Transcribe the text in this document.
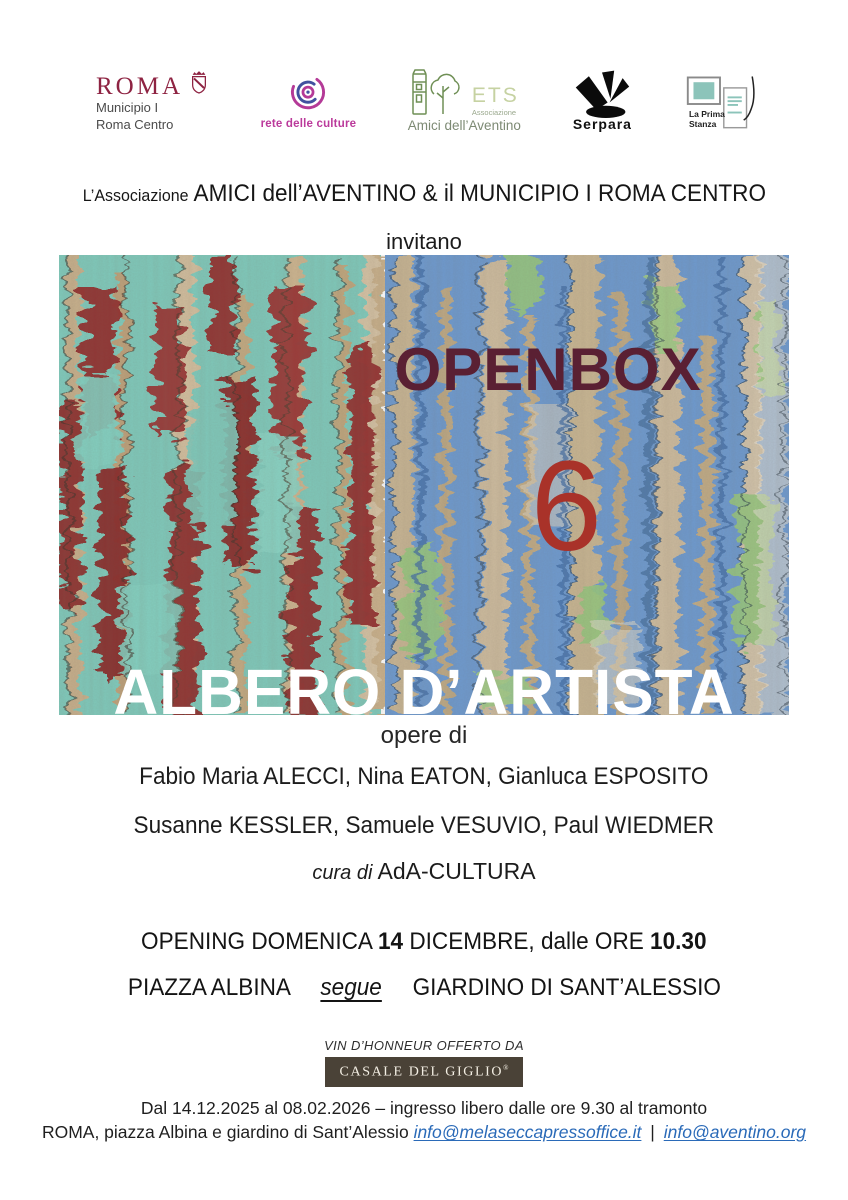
ROMA
Municipio I
Roma Centro	rete delle culture
ETS
Associazione
Amici dell’Aventino	Serpara
La Prima
Stanza
L’Associazione AMICI dell’AVENTINO & il MUNICIPIO I ROMA CENTRO
invitano
OPENBOX
6
ALBERO D’ARTISTA
opere di
Fabio Maria ALECCI, Nina EATON, Gianluca ESPOSITO
Susanne KESSLER, Samuele VESUVIO, Paul WIEDMER
cura di AdA-CULTURA
OPENING DOMENICA 14 DICEMBRE, dalle ORE 10.30
PIAZZA ALBINA segue GIARDINO DI SANT’ALESSIO
VIN D’HONNEUR OFFERTO DA
CASALE DEL GIGLIO®
Dal 14.12.2025 al 08.02.2026 – ingresso libero dalle ore 9.30 al tramonto
ROMA, piazza Albina e giardino di Sant’Alessio info@melaseccapressoffice.it | info@aventino.org
